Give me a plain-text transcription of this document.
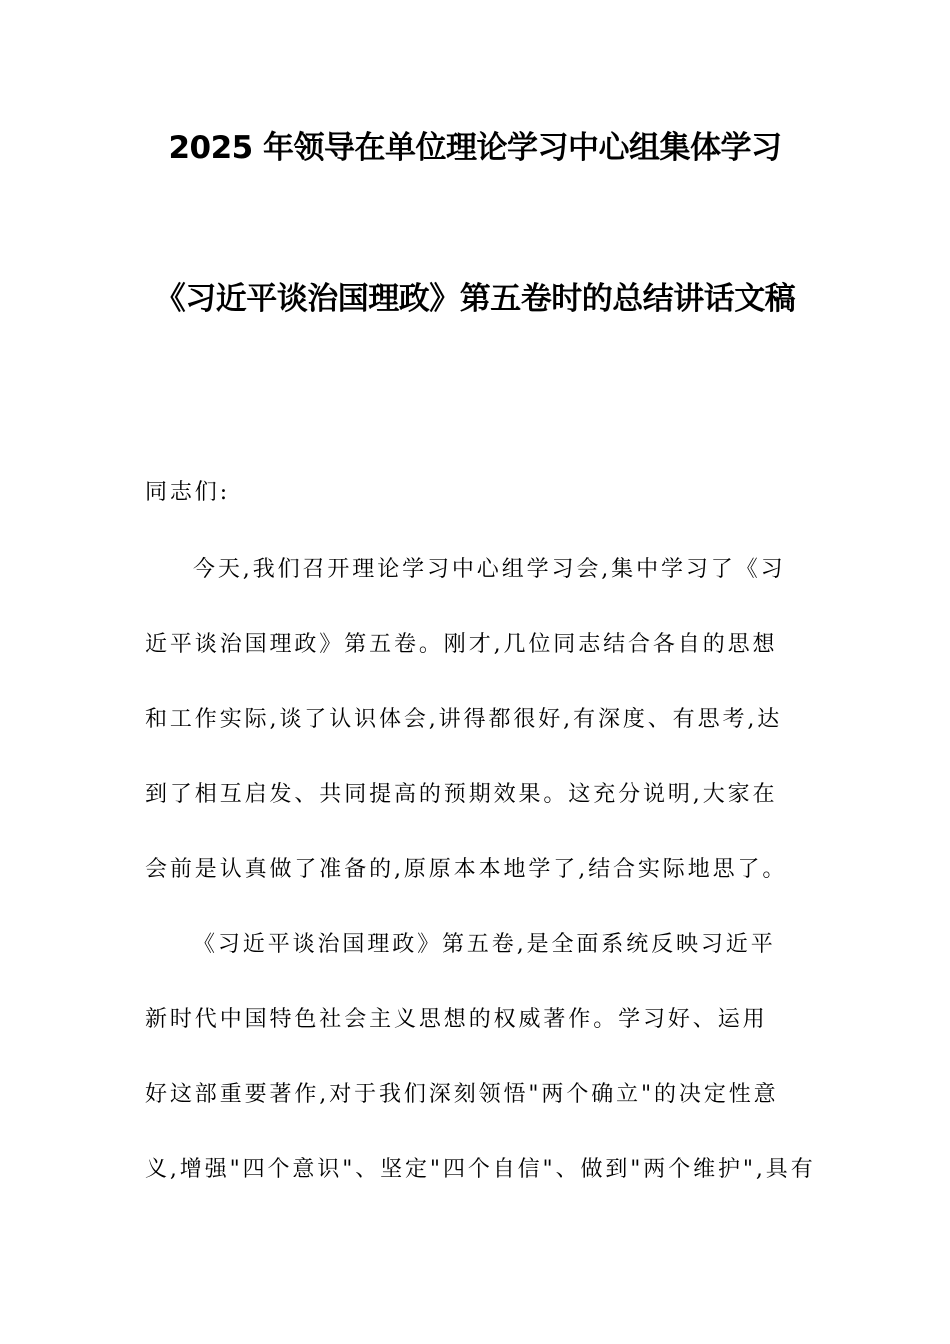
2025 年领导在单位理论学习中心组集体学习
《习近平谈治国理政》第五卷时的总结讲话文稿
同志们:
今天,我们召开理论学习中心组学习会,集中学习了《习
近平谈治国理政》第五卷。刚才,几位同志结合各自的思想
和工作实际,谈了认识体会,讲得都很好,有深度、有思考,达
到了相互启发、共同提高的预期效果。这充分说明,大家在
会前是认真做了准备的,原原本本地学了,结合实际地思了。
《习近平谈治国理政》第五卷,是全面系统反映习近平
新时代中国特色社会主义思想的权威著作。学习好、运用
好这部重要著作,对于我们深刻领悟"两个确立"的决定性意
义,增强"四个意识"、坚定"四个自信"、做到"两个维护",具有
